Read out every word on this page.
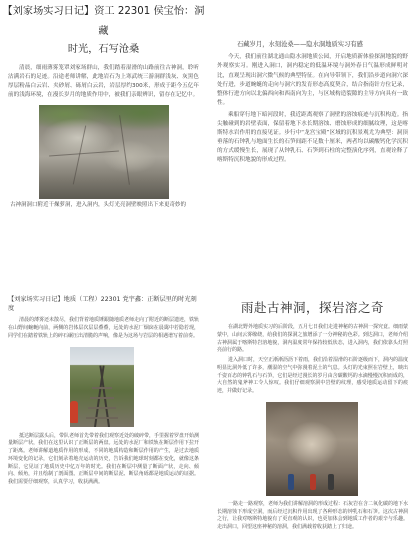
【刘家场实习日记】资工 22301 侯宝怡：洞藏
时光，石写沧桑

清晨，细雨薄雾笼罩刘家场群山，我们踏着湿滑的山路前往古神洞，聆听沽满岩石的足迹。沿途老师讲解，此地岩石为上寒武统三游洞群浅灰、灰黑色厚层粉晶白云岩、夹砂屑、砾屑白云岩，岩层厚约300米，形成于距今五亿年前的浅海环境，在漫长岁月的地质作用中，被我们亲眼辨识，留存在记忆中。

古神洞洞口附近干燥萝洞，进入洞内，头灯光亮洞壁映照出下来更奇妙的

石藏岁月，水刻沧桑——隐水洞地质实习有感

今天，我们前往湖北通山隐水洞地质公园，开启地质新体验探洞地貌的野外观察实习。刚进入洞口，洞内稳定的低温环境与洞外春日气温形成鲜明对比，直观呈现出洞穴微气候的典型特征。在向导带领下，我们沿步道向洞穴深处行进，步道蜿蜒的走向与洞穴的发育形态高度契合，结合指南针方位记录，整体行进方向以北偏西向和西南向为主，与区域构造裂隙的主导方向具有一致性。

乘船穿行地下暗河段时，我近距离观察了洞壁的溶蚀痕迹与沉积构造。指尖触碰到的岩壁表面，保留着地下水长期溶蚀、磨蚀形成的细腻纹理，这是喀斯特水岩作用的直接见证。步行中“龙宫宝殿”区域的沉积景观尤为典型：洞顶垂落的石钟乳与地面生长的石笋间距不足数十厘米，两者均以碳酸钙化学沉积的方式缓慢生长，展现了从钟乳石、石笋到石柱的完整演化序列，直观诠释了喀斯特沉积地貌的形成过程。

【刘家场实习日记】地质（工程）22301 党宇鑫：正断层里的时光刻度

清晨的薄雾还未散尽，我们背着地质锤跟随地质老师走向了附近的断层遗迹，铁轨在山野间蜿蜒向前，两侧的岩体层次层层叠叠，远处的水泥厂烟囱在晨霭中若隐若现，同学们在踏着铁轨上的碎石碾压出清脆的声响，像是为这场与岩层的相遇谱写着前奏。

抵达断层露头后，带队老师首先带着我们观察近处的破碎带，手里握着罗盘开始测量断层产状，我们在这里认识了正断层的两盘。远处的水泥厂和铁轨在断层作用下拉开了距离。老师讲解道地质作用的形成，不同的地质构造和断层作用的产生，是过去地质环境变化的记录，它们刻录着地壳运动的历史，告诉我们地球时刻都在变化，就像这条断层，它见证了地质历史中亿万年的时光。我们在断层中测量了断面产状，走向、倾向、倾角，并且绘制了剖面图。正断层中间的断层泥、断层角砾都是地质运动的证据。我们需要仔细观察，认真学习，收获满满。

雨赴古神洞，探岩溶之奇

在湖北野外地质实习的后阶段，五月七日我们走进神秘的古神洞一探究竟。细雨蒙蒙中，山间云雾缭绕，给我们的探洞之旅增添了一分神秘的色彩。到达洞口，老师介绍古神洞属于喀斯特岩溶地貌，洞内温度常年保持较低状态，进入洞内，我们依靠头灯照亮前行的路。

进入洞口时，天空正淅淅沥沥下着雨，我们沿着湿滑的石阶逐级而下，洞内的温度明显比洞外低了许多，潮湿的空气中弥漫着泥土的气息。头灯的光束照在岩壁上，映出千姿百态的钟乳石与石笋，它们是经过漫长的岁月由含碳酸钙的水滴慢慢沉积而成的，大自然的鬼斧神工令人惊叹。我们仔细观察洞中岩壁的纹理，感受地质运动留下的痕迹，并做好记录。

一路走一路观察，老师为我们讲解溶洞的形成过程：石灰岩在含二氧化碳的地下水长期溶蚀下形成空洞，而后经过沉积作用出现了各种形态的钟乳石和石笋。这次古神洞之行，让我对喀斯特地貌有了更直观的认识，也更加体会到地质工作者的艰辛与乐趣。走出洞口，回望这座神秘的溶洞，我们满载着收获踏上了归途。
